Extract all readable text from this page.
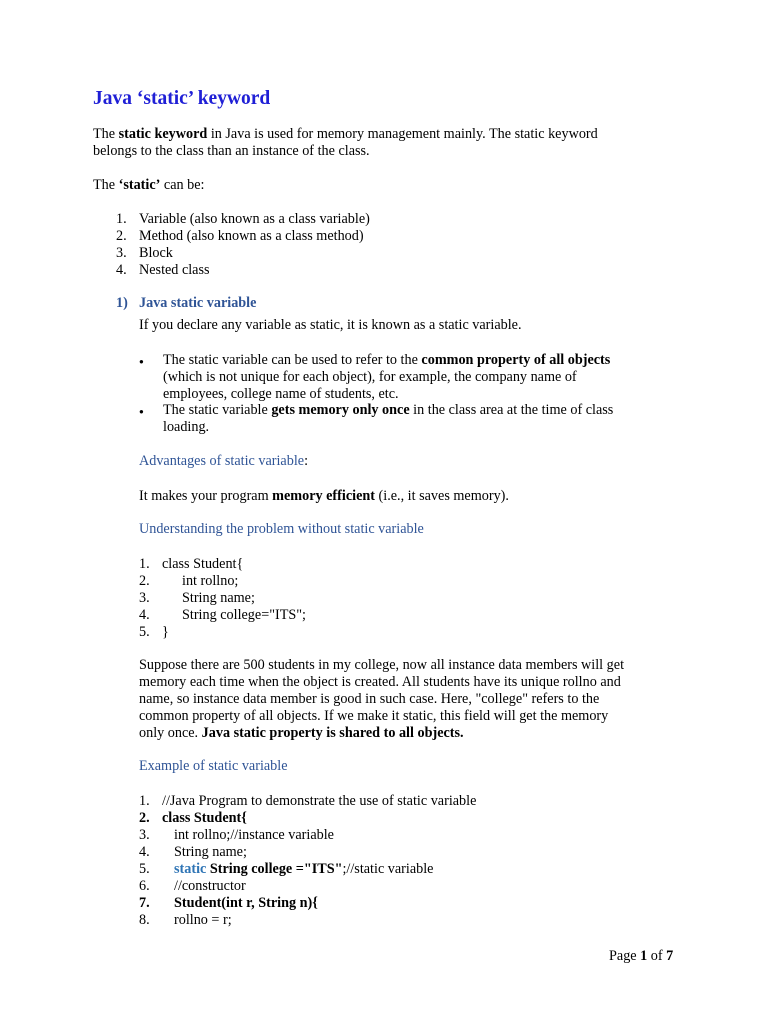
Java ‘static’ keyword

The static keyword in Java is used for memory management mainly. The static keyword
belongs to the class than an instance of the class.

The ‘static’ can be:

1. Variable (also known as a class variable)
2. Method (also known as a class method)
3. Block
4. Nested class
1) Java static variable
If you declare any variable as static, it is known as a static variable.
● The static variable can be used to refer to the common property of all objects
(which is not unique for each object), for example, the company name of
employees, college name of students, etc.
● The static variable gets memory only once in the class area at the time of class
loading.
Advantages of static variable:
It makes your program memory efficient (i.e., it saves memory).
Understanding the problem without static variable
1. class Student{
2. int rollno;
3. String name;
4. String college="ITS";
5. }
Suppose there are 500 students in my college, now all instance data members will get
memory each time when the object is created. All students have its unique rollno and
name, so instance data member is good in such case. Here, "college" refers to the
common property of all objects. If we make it static, this field will get the memory
only once. Java static property is shared to all objects.
Example of static variable
1. //Java Program to demonstrate the use of static variable
2. class Student{
3. int rollno;//instance variable
4. String name;
5. static String college ="ITS";//static variable
6. //constructor
7. Student(int r, String n){
8. rollno = r;
Page 1 of 7
